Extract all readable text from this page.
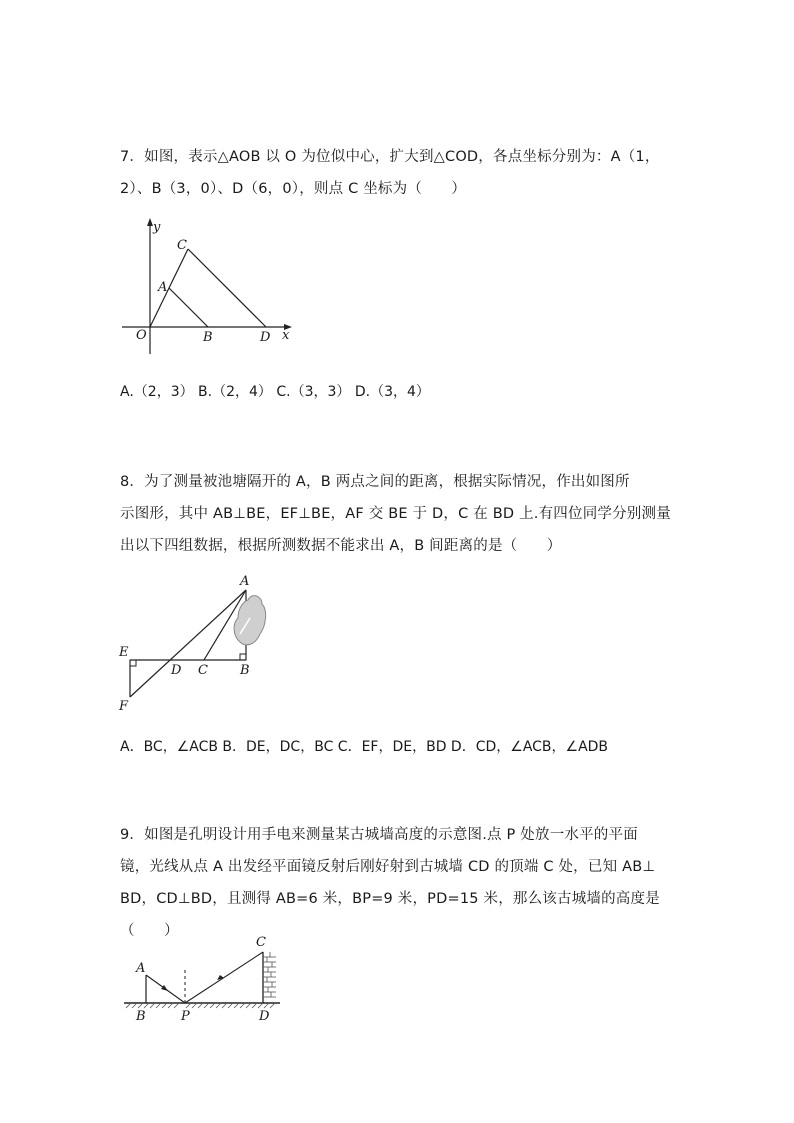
7．如图，表示△AOB 以 O 为位似中心，扩大到△COD，各点坐标分别为：A（1，

2）、B（3，0）、D（6，0），则点 C 坐标为（　　）

y
x
C
A
O	B	D
A
E
D C B
F
C
A
B	P	D
A.（2，3） B.（2，4） C.（3，3） D.（3，4）

8．为了测量被池塘隔开的 A，B 两点之间的距离，根据实际情况，作出如图所

示图形，其中 AB⊥BE，EF⊥BE，AF 交 BE 于 D，C 在 BD 上.有四位同学分别测量

出以下四组数据，根据所测数据不能求出 A，B 间距离的是（　　）

A．BC，∠ACB B．DE，DC，BC C．EF，DE，BD D．CD，∠ACB，∠ADB

9．如图是孔明设计用手电来测量某古城墙高度的示意图.点 P 处放一水平的平面

镜，光线从点 A 出发经平面镜反射后刚好射到古城墙 CD 的顶端 C 处，已知 AB⊥

BD，CD⊥BD，且测得 AB=6 米，BP=9 米，PD=15 米，那么该古城墙的高度是（　　）
